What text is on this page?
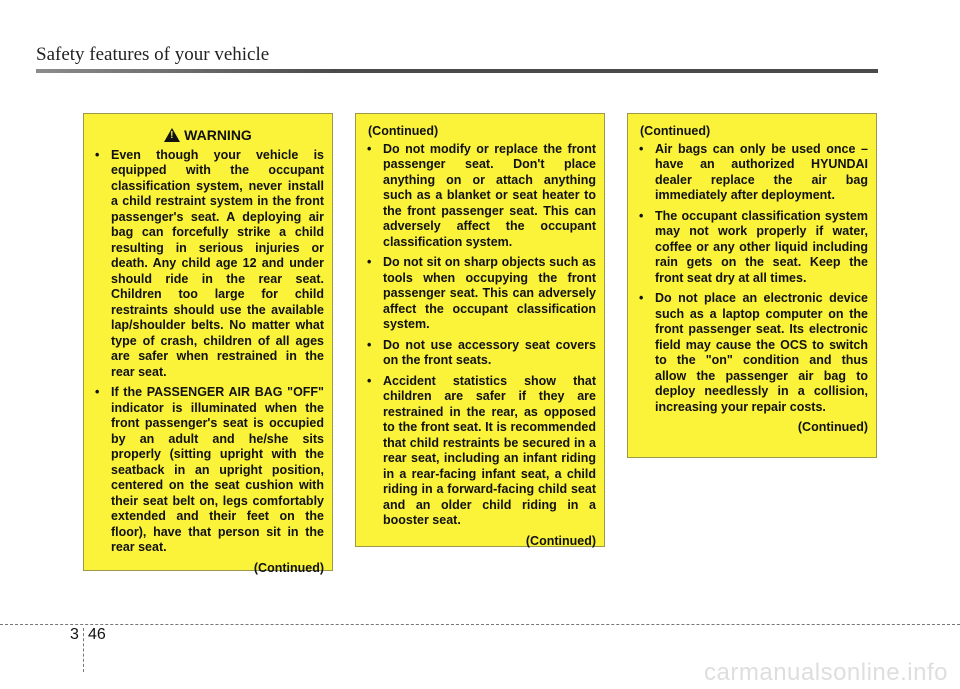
Safety features of your vehicle
!WARNING
• Even though your vehicle is equipped with the occupant classification system, never install a child restraint system in the front passenger's seat. A deploying air bag can forcefully strike a child resulting in serious injuries or death. Any child age 12 and under should ride in the rear seat. Children too large for child restraints should use the available lap/shoulder belts. No matter what type of crash, children of all ages are safer when restrained in the rear seat.
• If the PASSENGER AIR BAG "OFF" indicator is illuminated when the front passenger's seat is occupied by an adult and he/she sits properly (sitting upright with the seatback in an upright position, centered on the seat cushion with their seat belt on, legs comfortably extended and their feet on the floor), have that person sit in the rear seat.
(Continued)
(Continued)
• Do not modify or replace the front passenger seat. Don't place anything on or attach anything such as a blanket or seat heater to the front passenger seat. This can adversely affect the occupant classification system.
• Do not sit on sharp objects such as tools when occupying the front passenger seat. This can adversely affect the occupant classification system.
• Do not use accessory seat covers on the front seats.
• Accident statistics show that children are safer if they are restrained in the rear, as opposed to the front seat. It is recommended that child restraints be secured in a rear seat, including an infant riding in a rear-facing infant seat, a child riding in a forward-facing child seat and an older child riding in a booster seat.
(Continued)
(Continued)
• Air bags can only be used once – have an authorized HYUNDAI dealer replace the air bag immediately after deployment.
• The occupant classification system may not work properly if water, coffee or any other liquid including rain gets on the seat. Keep the front seat dry at all times.
• Do not place an electronic device such as a laptop computer on the front passenger seat. Its electronic field may cause the OCS to switch to the "on" condition and thus allow the passenger air bag to deploy needlessly in a collision, increasing your repair costs.
(Continued)
3 46
carmanualsonline.info
